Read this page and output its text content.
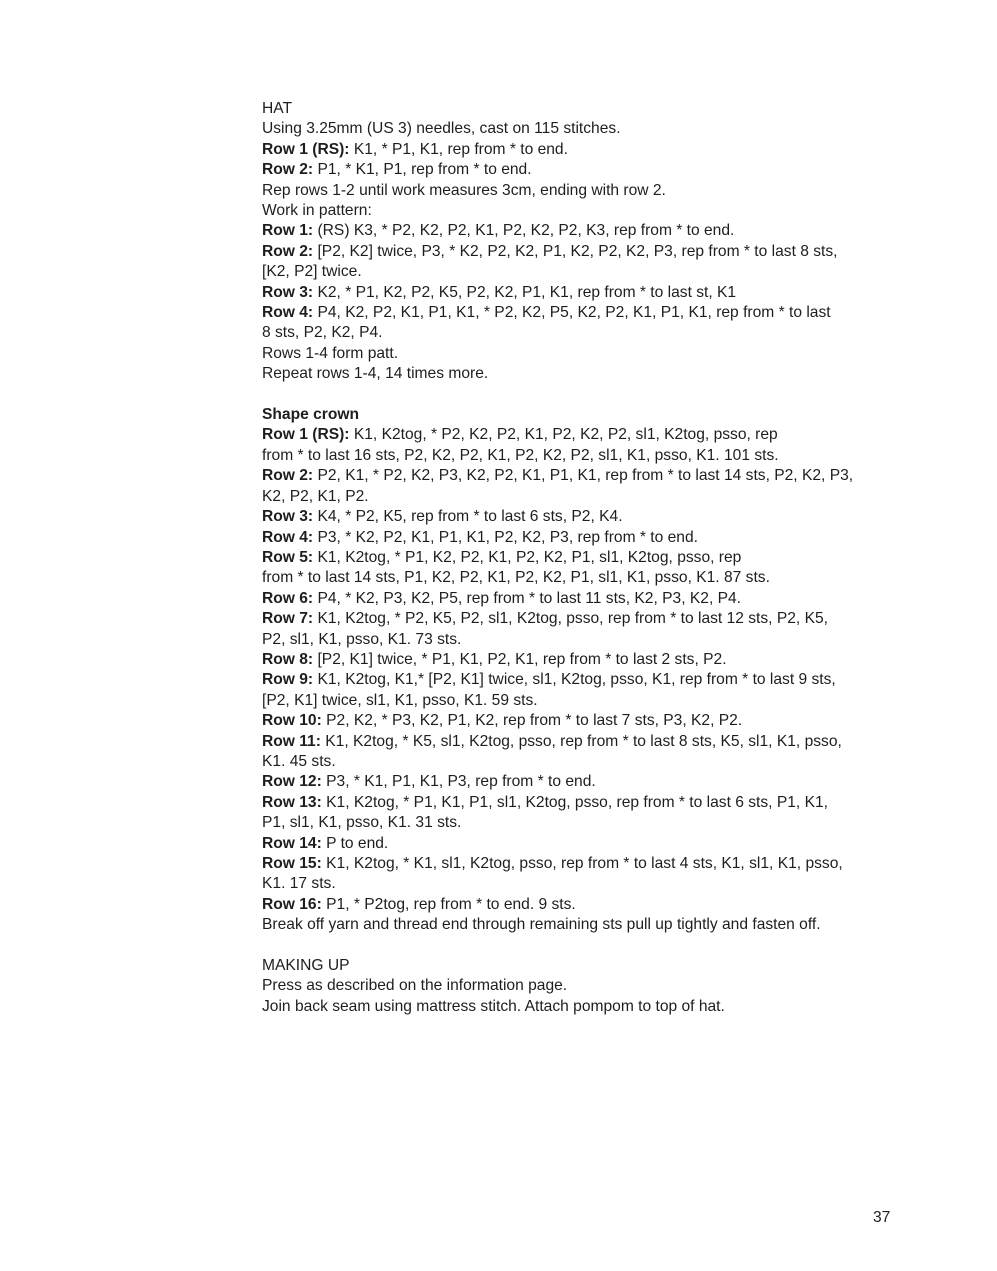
HAT
Using 3.25mm (US 3) needles, cast on 115 stitches.
Row 1 (RS): K1, * P1, K1, rep from * to end.
Row 2: P1, * K1, P1, rep from * to end.
Rep rows 1-2 until work measures 3cm, ending with row 2.
Work in pattern:
Row 1: (RS) K3, * P2, K2, P2, K1, P2, K2, P2, K3, rep from * to end.
Row 2: [P2, K2] twice, P3, * K2, P2, K2, P1, K2, P2, K2, P3, rep from * to last 8 sts,
[K2, P2] twice.
Row 3: K2, * P1, K2, P2, K5, P2, K2, P1, K1, rep from * to last st, K1
Row 4: P4, K2, P2, K1, P1, K1, * P2, K2, P5, K2, P2, K1, P1, K1, rep from * to last
8 sts, P2, K2, P4.
Rows 1-4 form patt.
Repeat rows 1-4, 14 times more.
Shape crown
Row 1 (RS): K1, K2tog, * P2, K2, P2, K1, P2, K2, P2, sl1, K2tog, psso, rep
from * to last 16 sts, P2, K2, P2, K1, P2, K2, P2, sl1, K1, psso, K1. 101 sts.
Row 2: P2, K1, * P2, K2, P3, K2, P2, K1, P1, K1, rep from * to last 14 sts, P2, K2, P3,
K2, P2, K1, P2.
Row 3: K4, * P2, K5, rep from * to last 6 sts, P2, K4.
Row 4: P3, * K2, P2, K1, P1, K1, P2, K2, P3, rep from * to end.
Row 5: K1, K2tog, * P1, K2, P2, K1, P2, K2, P1, sl1, K2tog, psso, rep
from * to last 14 sts, P1, K2, P2, K1, P2, K2, P1, sl1, K1, psso, K1. 87 sts.
Row 6: P4, * K2, P3, K2, P5, rep from * to last 11 sts, K2, P3, K2, P4.
Row 7: K1, K2tog, * P2, K5, P2, sl1, K2tog, psso, rep from * to last 12 sts, P2, K5,
P2, sl1, K1, psso, K1. 73 sts.
Row 8: [P2, K1] twice, * P1, K1, P2, K1, rep from * to last 2 sts, P2.
Row 9: K1, K2tog, K1,* [P2, K1] twice, sl1, K2tog, psso, K1, rep from * to last 9 sts,
[P2, K1] twice, sl1, K1, psso, K1. 59 sts.
Row 10: P2, K2, * P3, K2, P1, K2, rep from * to last 7 sts, P3, K2, P2.
Row 11: K1, K2tog, * K5, sl1, K2tog, psso, rep from * to last 8 sts, K5, sl1, K1, psso,
K1. 45 sts.
Row 12: P3, * K1, P1, K1, P3, rep from * to end.
Row 13: K1, K2tog, * P1, K1, P1, sl1, K2tog, psso, rep from * to last 6 sts, P1, K1,
P1, sl1, K1, psso, K1. 31 sts.
Row 14: P to end.
Row 15: K1, K2tog, * K1, sl1, K2tog, psso, rep from * to last 4 sts, K1, sl1, K1, psso,
K1. 17 sts.
Row 16: P1, * P2tog, rep from * to end. 9 sts.
Break off yarn and thread end through remaining sts pull up tightly and fasten off.
MAKING UP
Press as described on the information page.
Join back seam using mattress stitch. Attach pompom to top of hat.
37
